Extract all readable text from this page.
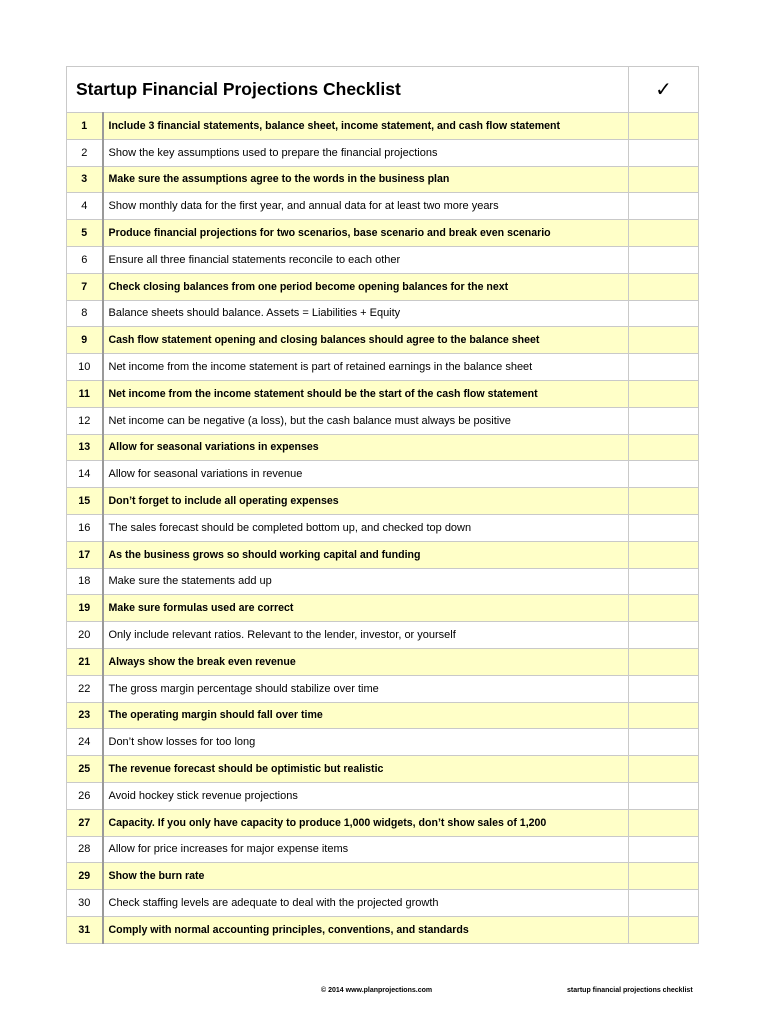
Startup Financial Projections Checklist		✓
1	Include 3 financial statements, balance sheet, income statement, and cash flow statement	
2	Show the key assumptions used to prepare the financial projections	
3	Make sure the assumptions agree to the words in the business plan	
4	Show monthly data for the first year, and annual data for at least two more years	
5	Produce financial projections for two scenarios, base scenario and break even scenario	
6	Ensure all three financial statements reconcile to each other	
7	Check closing balances from one period become opening balances for the next	
8	Balance sheets should balance. Assets = Liabilities + Equity	
9	Cash flow statement opening and closing balances should agree to the balance sheet	
10	Net income from the income statement is part of retained earnings in the balance sheet	
11	Net income from the income statement should be the start of the cash flow statement	
12	Net income can be negative (a loss), but the cash balance must always be positive	
13	Allow for seasonal variations in expenses	
14	Allow for seasonal variations in revenue	
15	Don’t forget to include all operating expenses	
16	The sales forecast should be completed bottom up, and checked top down	
17	As the business grows so should working capital and funding	
18	Make sure the statements add up	
19	Make sure formulas used are correct	
20	Only include relevant ratios. Relevant to the lender, investor, or yourself	
21	Always show the break even revenue	
22	The gross margin percentage should stabilize over time	
23	The operating margin should fall over time	
24	Don’t show losses for too long	
25	The revenue forecast should be optimistic but realistic	
26	Avoid hockey stick revenue projections	
27	Capacity. If you only have capacity to produce 1,000 widgets, don’t show sales of 1,200	
28	Allow for price increases for major expense items	
29	Show the burn rate	
30	Check staffing levels are adequate to deal with the projected growth	
31	Comply with normal accounting principles, conventions, and standards	
© 2014 www.planprojections.com	startup financial projections checklist
